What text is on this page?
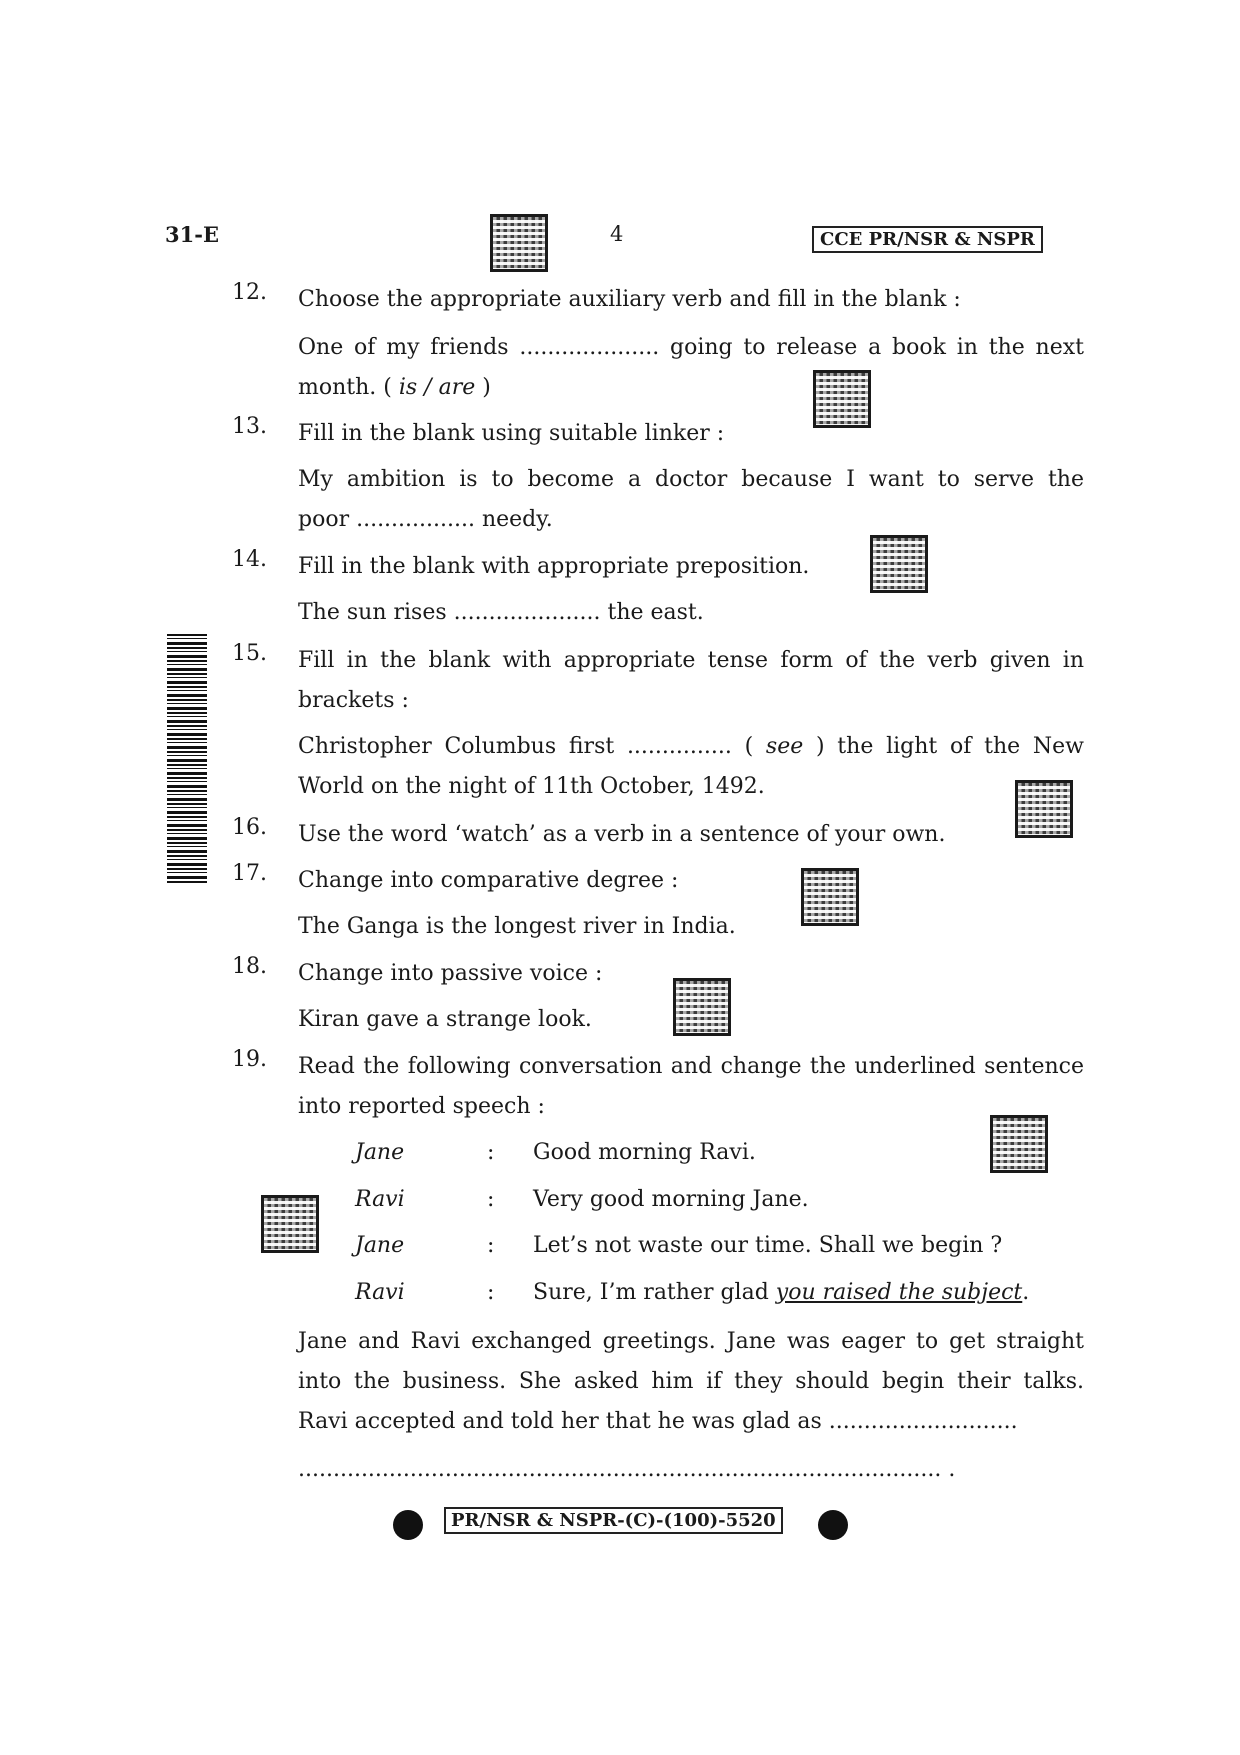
31-E	4	CCE PR/NSR & NSPR
12.	Choose the appropriate auxiliary verb and fill in the blank :
One of my friends .................... going to release a book in the next
month. ( is / are )
13.	Fill in the blank using suitable linker :
My ambition is to become a doctor because I want to serve the
poor ................. needy.
14.	Fill in the blank with appropriate preposition.
The sun rises ..................... the east.
15.	Fill in the blank with appropriate tense form of the verb given in
brackets :
Christopher Columbus first ............... ( see ) the light of the New
World on the night of 11th October, 1492.
16.	Use the word ‘watch’ as a verb in a sentence of your own.
17.	Change into comparative degree :
The Ganga is the longest river in India.
18.	Change into passive voice :
Kiran gave a strange look.
19.	Read the following conversation and change the underlined sentence
into reported speech :
Jane	: Good morning Ravi.
Ravi	: Very good morning Jane.
Jane	: Let’s not waste our time. Shall we begin ?
Ravi	: Sure, I’m rather glad you raised the subject.
Jane and Ravi exchanged greetings. Jane was eager to get straight
into the business. She asked him if they should begin their talks.
Ravi accepted and told her that he was glad as ...........................
............................................................................................ .
PR/NSR & NSPR-(C)-(100)-5520
